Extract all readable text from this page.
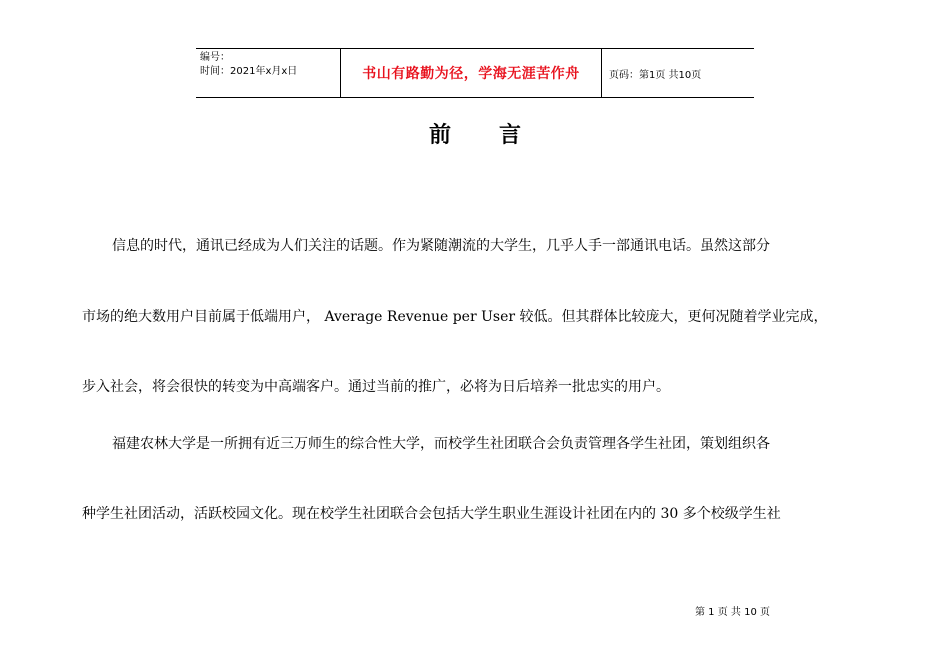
编号：
时间：2021年x月x日	书山有路勤为径，学海无涯苦作舟	页码：第1页 共10页
前言
信息的时代，通讯已经成为人们关注的话题。作为紧随潮流的大学生，几乎人手一部通讯电话。虽然这部分
市场的绝大数用户目前属于低端用户， Average Revenue per User 较低。但其群体比较庞大，更何况随着学业完成，
步入社会，将会很快的转变为中高端客户。通过当前的推广，必将为日后培养一批忠实的用户。
福建农林大学是一所拥有近三万师生的综合性大学，而校学生社团联合会负责管理各学生社团，策划组织各
种学生社团活动，活跃校园文化。现在校学生社团联合会包括大学生职业生涯设计社团在内的 30 多个校级学生社
第 1 页 共 10 页
